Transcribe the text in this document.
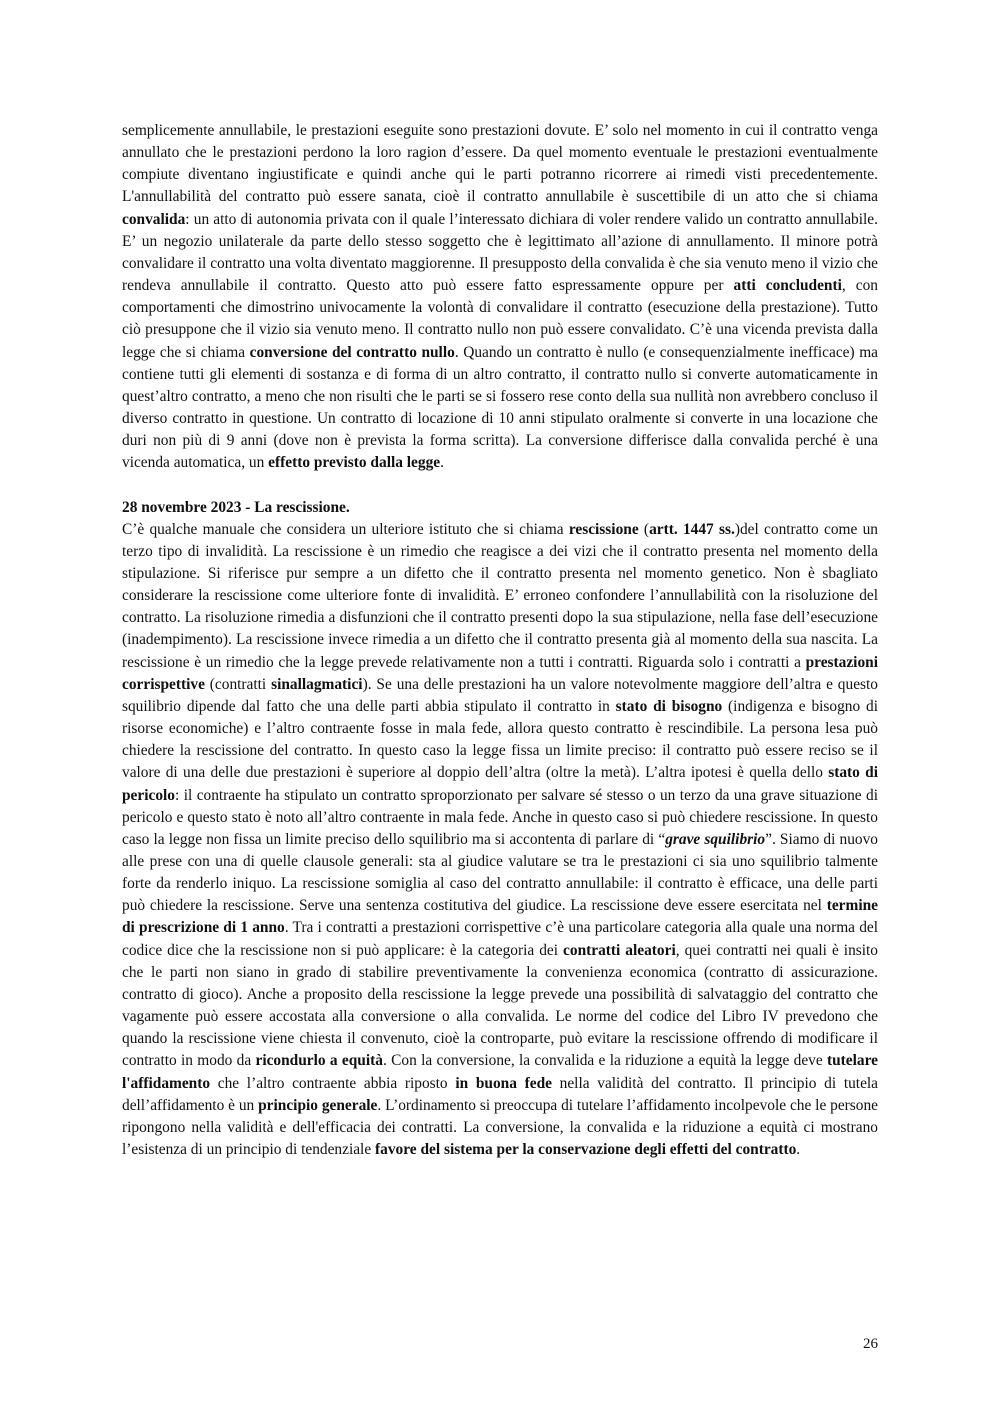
semplicemente annullabile, le prestazioni eseguite sono prestazioni dovute. E’ solo nel momento in cui il contratto venga annullato che le prestazioni perdono la loro ragion d’essere. Da quel momento eventuale le prestazioni eventualmente compiute diventano ingiustificate e quindi anche qui le parti potranno ricorrere ai rimedi visti precedentemente. L'annullabilità del contratto può essere sanata, cioè il contratto annullabile è suscettibile di un atto che si chiama convalida: un atto di autonomia privata con il quale l’interessato dichiara di voler rendere valido un contratto annullabile. E’ un negozio unilaterale da parte dello stesso soggetto che è legittimato all’azione di annullamento. Il minore potrà convalidare il contratto una volta diventato maggiorenne. Il presupposto della convalida è che sia venuto meno il vizio che rendeva annullabile il contratto. Questo atto può essere fatto espressamente oppure per atti concludenti, con comportamenti che dimostrino univocamente la volontà di convalidare il contratto (esecuzione della prestazione). Tutto ciò presuppone che il vizio sia venuto meno. Il contratto nullo non può essere convalidato. C’è una vicenda prevista dalla legge che si chiama conversione del contratto nullo. Quando un contratto è nullo (e consequenzialmente inefficace) ma contiene tutti gli elementi di sostanza e di forma di un altro contratto, il contratto nullo si converte automaticamente in quest’altro contratto, a meno che non risulti che le parti se si fossero rese conto della sua nullità non avrebbero concluso il diverso contratto in questione. Un contratto di locazione di 10 anni stipulato oralmente si converte in una locazione che duri non più di 9 anni (dove non è prevista la forma scritta). La conversione differisce dalla convalida perché è una vicenda automatica, un effetto previsto dalla legge.

28 novembre 2023 - La rescissione.

C’è qualche manuale che considera un ulteriore istituto che si chiama rescissione (artt. 1447 ss.)del contratto come un terzo tipo di invalidità. La rescissione è un rimedio che reagisce a dei vizi che il contratto presenta nel momento della stipulazione. Si riferisce pur sempre a un difetto che il contratto presenta nel momento genetico. Non è sbagliato considerare la rescissione come ulteriore fonte di invalidità. E’ erroneo confondere l’annullabilità con la risoluzione del contratto. La risoluzione rimedia a disfunzioni che il contratto presenti dopo la sua stipulazione, nella fase dell’esecuzione (inadempimento). La rescissione invece rimedia a un difetto che il contratto presenta già al momento della sua nascita. La rescissione è un rimedio che la legge prevede relativamente non a tutti i contratti. Riguarda solo i contratti a prestazioni corrispettive (contratti sinallagmatici). Se una delle prestazioni ha un valore notevolmente maggiore dell’altra e questo squilibrio dipende dal fatto che una delle parti abbia stipulato il contratto in stato di bisogno (indigenza e bisogno di risorse economiche) e l’altro contraente fosse in mala fede, allora questo contratto è rescindibile. La persona lesa può chiedere la rescissione del contratto. In questo caso la legge fissa un limite preciso: il contratto può essere reciso se il valore di una delle due prestazioni è superiore al doppio dell’altra (oltre la metà). L’altra ipotesi è quella dello stato di pericolo: il contraente ha stipulato un contratto sproporzionato per salvare sé stesso o un terzo da una grave situazione di pericolo e questo stato è noto all’altro contraente in mala fede. Anche in questo caso si può chiedere rescissione. In questo caso la legge non fissa un limite preciso dello squilibrio ma si accontenta di parlare di “grave squilibrio”. Siamo di nuovo alle prese con una di quelle clausole generali: sta al giudice valutare se tra le prestazioni ci sia uno squilibrio talmente forte da renderlo iniquo. La rescissione somiglia al caso del contratto annullabile: il contratto è efficace, una delle parti può chiedere la rescissione. Serve una sentenza costitutiva del giudice. La rescissione deve essere esercitata nel termine di prescrizione di 1 anno. Tra i contratti a prestazioni corrispettive c’è una particolare categoria alla quale una norma del codice dice che la rescissione non si può applicare: è la categoria dei contratti aleatori, quei contratti nei quali è insito che le parti non siano in grado di stabilire preventivamente la convenienza economica (contratto di assicurazione. contratto di gioco). Anche a proposito della rescissione la legge prevede una possibilità di salvataggio del contratto che vagamente può essere accostata alla conversione o alla convalida. Le norme del codice del Libro IV prevedono che quando la rescissione viene chiesta il convenuto, cioè la controparte, può evitare la rescissione offrendo di modificare il contratto in modo da ricondurlo a equità. Con la conversione, la convalida e la riduzione a equità la legge deve tutelare l'affidamento che l’altro contraente abbia riposto in buona fede nella validità del contratto. Il principio di tutela dell’affidamento è un principio generale. L’ordinamento si preoccupa di tutelare l’affidamento incolpevole che le persone ripongono nella validità e dell'efficacia dei contratti. La conversione, la convalida e la riduzione a equità ci mostrano l’esistenza di un principio di tendenziale favore del sistema per la conservazione degli effetti del contratto.

26
